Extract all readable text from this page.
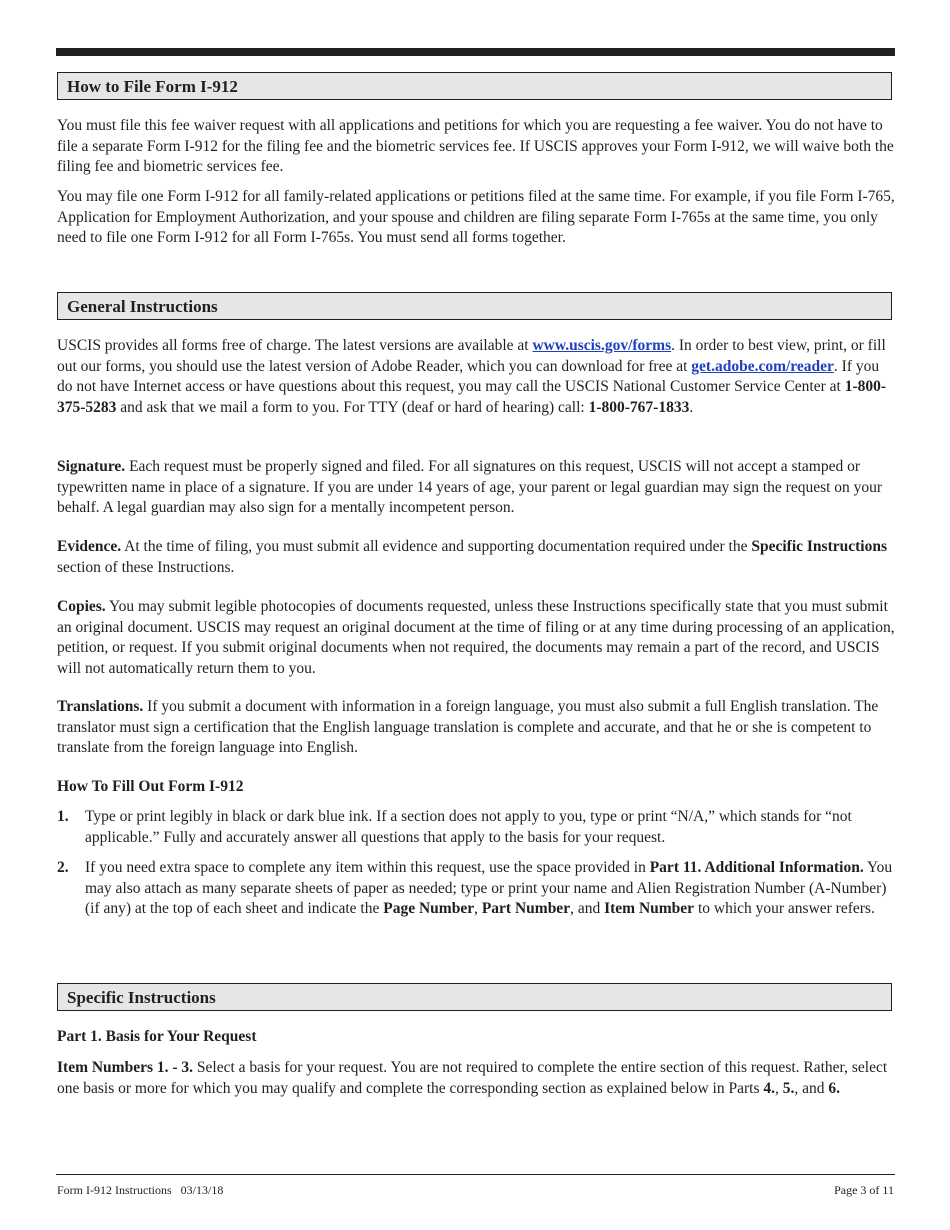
How to File Form I-912

You must file this fee waiver request with all applications and petitions for which you are requesting a fee waiver. You do not have to file a separate Form I-912 for the filing fee and the biometric services fee. If USCIS approves your Form I-912, we will waive both the filing fee and biometric services fee.

You may file one Form I-912 for all family-related applications or petitions filed at the same time. For example, if you file Form I-765, Application for Employment Authorization, and your spouse and children are filing separate Form I-765s at the same time, you only need to file one Form I-912 for all Form I-765s. You must send all forms together.

General Instructions

USCIS provides all forms free of charge. The latest versions are available at www.uscis.gov/forms. In order to best view, print, or fill out our forms, you should use the latest version of Adobe Reader, which you can download for free at get.adobe.com/reader. If you do not have Internet access or have questions about this request, you may call the USCIS National Customer Service Center at 1-800-375-5283 and ask that we mail a form to you. For TTY (deaf or hard of hearing) call: 1-800-767-1833.

Signature. Each request must be properly signed and filed. For all signatures on this request, USCIS will not accept a stamped or typewritten name in place of a signature. If you are under 14 years of age, your parent or legal guardian may sign the request on your behalf. A legal guardian may also sign for a mentally incompetent person.

Evidence. At the time of filing, you must submit all evidence and supporting documentation required under the Specific Instructions section of these Instructions.

Copies. You may submit legible photocopies of documents requested, unless these Instructions specifically state that you must submit an original document. USCIS may request an original document at the time of filing or at any time during processing of an application, petition, or request. If you submit original documents when not required, the documents may remain a part of the record, and USCIS will not automatically return them to you.

Translations. If you submit a document with information in a foreign language, you must also submit a full English translation. The translator must sign a certification that the English language translation is complete and accurate, and that he or she is competent to translate from the foreign language into English.

How To Fill Out Form I-912
1. Type or print legibly in black or dark blue ink. If a section does not apply to you, type or print “N/A,” which stands for “not applicable.” Fully and accurately answer all questions that apply to the basis for your request.

2. If you need extra space to complete any item within this request, use the space provided in Part 11. Additional Information. You may also attach as many separate sheets of paper as needed; type or print your name and Alien Registration Number (A-Number) (if any) at the top of each sheet and indicate the Page Number, Part Number, and Item Number to which your answer refers.

Specific Instructions
Part 1. Basis for Your Request

Item Numbers 1. - 3. Select a basis for your request. You are not required to complete the entire section of this request. Rather, select one basis or more for which you may qualify and complete the corresponding section as explained below in Parts 4., 5., and 6.

Form I-912 Instructions   03/13/18	Page 3 of 11
